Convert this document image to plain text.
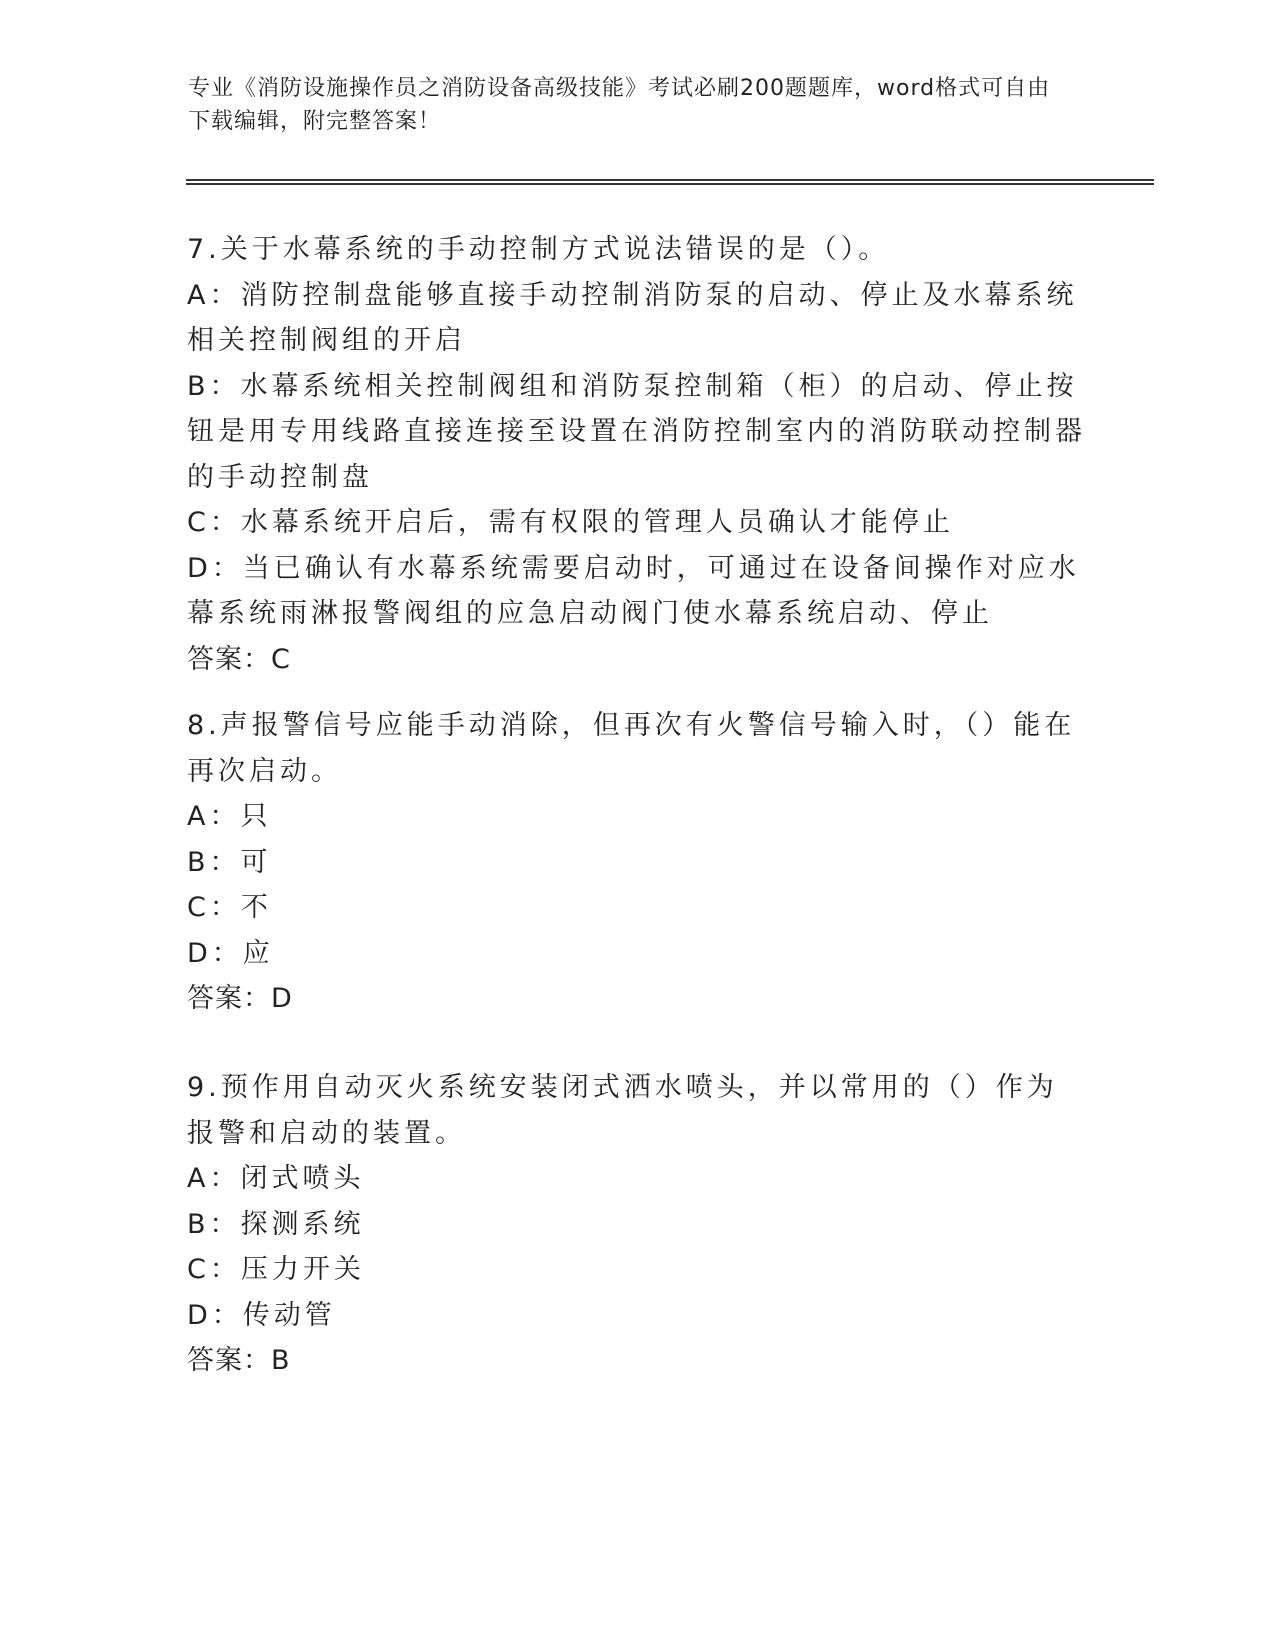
专业《消防设施操作员之消防设备高级技能》考试必刷200题题库，word格式可自由下载编辑，附完整答案！

7.关于水幕系统的手动控制方式说法错误的是（）。

A：消防控制盘能够直接手动控制消防泵的启动、停止及水幕系统相关控制阀组的开启

B：水幕系统相关控制阀组和消防泵控制箱（柜）的启动、停止按钮是用专用线路直接连接至设置在消防控制室内的消防联动控制器的手动控制盘

C：水幕系统开启后，需有权限的管理人员确认才能停止

D：当已确认有水幕系统需要启动时，可通过在设备间操作对应水幕系统雨淋报警阀组的应急启动阀门使水幕系统启动、停止

答案：C

8.声报警信号应能手动消除，但再次有火警信号输入时，（）能在再次启动。

A：只

B：可

C：不

D：应

答案：D

9.预作用自动灭火系统安装闭式洒水喷头，并以常用的（）作为报警和启动的装置。

A：闭式喷头

B：探测系统

C：压力开关

D：传动管

答案：B
